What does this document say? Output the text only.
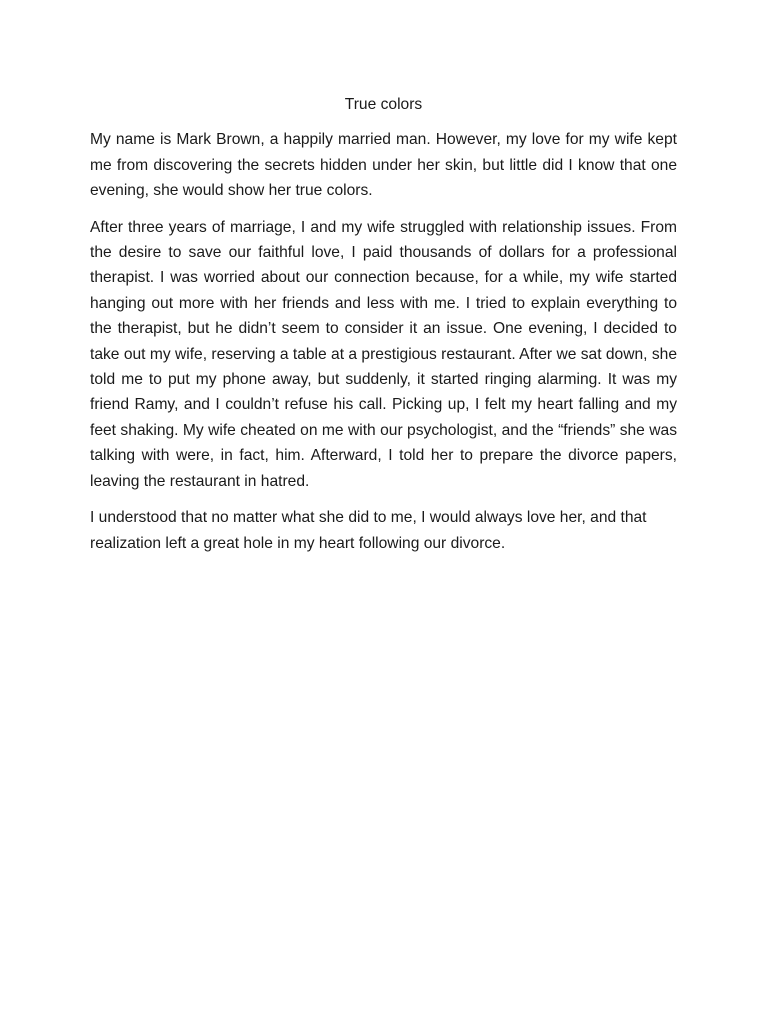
True colors

My name is Mark Brown, a happily married man. However, my love for my wife kept me from discovering the secrets hidden under her skin, but little did I know that one evening, she would show her true colors.

After three years of marriage, I and my wife struggled with relationship issues. From the desire to save our faithful love, I paid thousands of dollars for a professional therapist. I was worried about our connection because, for a while, my wife started hanging out more with her friends and less with me. I tried to explain everything to the therapist, but he didn’t seem to consider it an issue. One evening, I decided to take out my wife, reserving a table at a prestigious restaurant. After we sat down, she told me to put my phone away, but suddenly, it started ringing alarming. It was my friend Ramy, and I couldn’t refuse his call. Picking up, I felt my heart falling and my feet shaking. My wife cheated on me with our psychologist, and the “friends” she was talking with were, in fact, him. Afterward, I told her to prepare the divorce papers, leaving the restaurant in hatred.

I understood that no matter what she did to me, I would always love her, and that realization left a great hole in my heart following our divorce.
